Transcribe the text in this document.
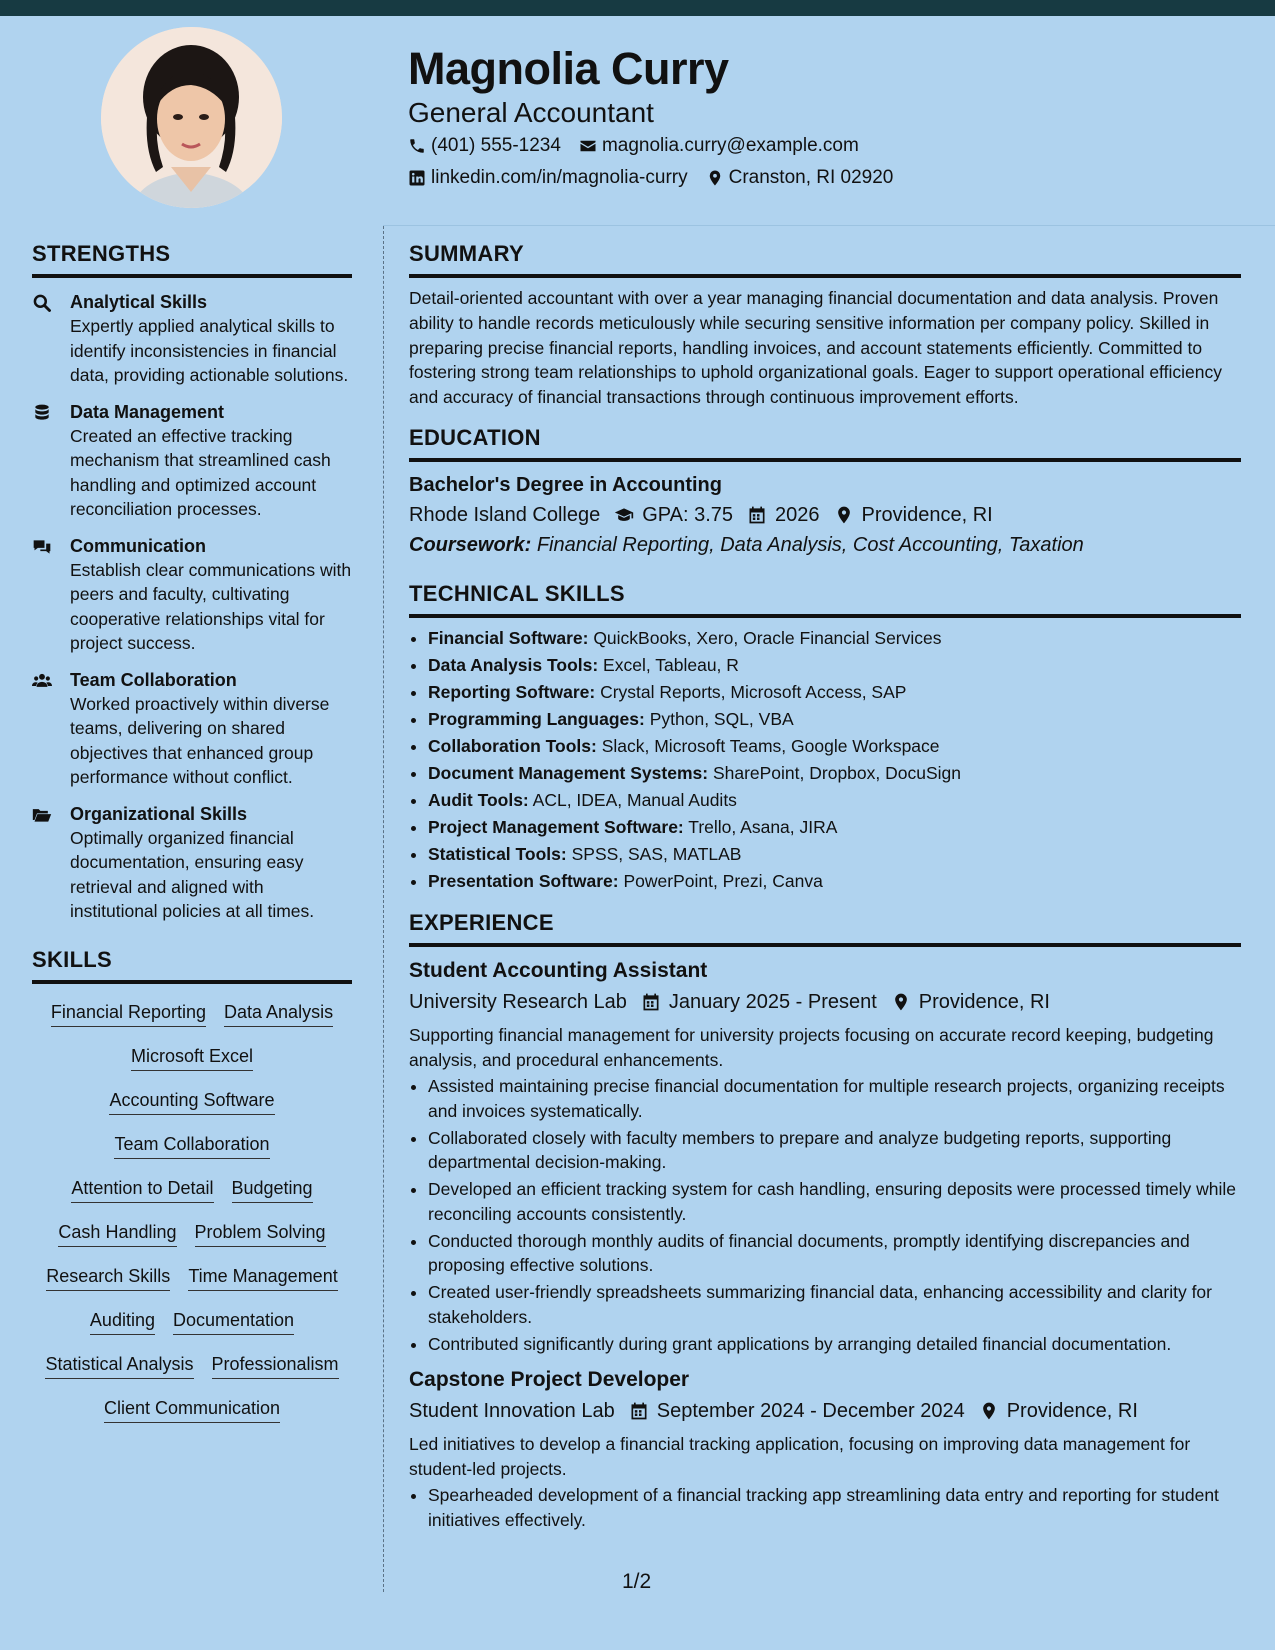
Magnolia Curry
General Accountant
(401) 555-1234 magnolia.curry@example.com
linkedin.com/in/magnolia-curry Cranston, RI 02920
STRENGTHS
Analytical Skills
Expertly applied analytical skills to identify inconsistencies in financial data, providing actionable solutions.
Data Management
Created an effective tracking mechanism that streamlined cash handling and optimized account reconciliation processes.
Communication
Establish clear communications with peers and faculty, cultivating cooperative relationships vital for project success.
Team Collaboration
Worked proactively within diverse teams, delivering on shared objectives that enhanced group performance without conflict.
Organizational Skills
Optimally organized financial documentation, ensuring easy retrieval and aligned with institutional policies at all times.
SKILLS
Financial Reporting Data Analysis
Microsoft Excel
Accounting Software
Team Collaboration
Attention to Detail Budgeting
Cash Handling Problem Solving
Research Skills Time Management
Auditing Documentation
Statistical Analysis Professionalism
Client Communication
SUMMARY
Detail-oriented accountant with over a year managing financial documentation and data analysis. Proven ability to handle records meticulously while securing sensitive information per company policy. Skilled in preparing precise financial reports, handling invoices, and account statements efficiently. Committed to fostering strong team relationships to uphold organizational goals. Eager to support operational efficiency and accuracy of financial transactions through continuous improvement efforts.
EDUCATION
Bachelor's Degree in Accounting
Rhode Island College GPA: 3.75 2026 Providence, RI
Coursework: Financial Reporting, Data Analysis, Cost Accounting, Taxation
TECHNICAL SKILLS
• Financial Software: QuickBooks, Xero, Oracle Financial Services
• Data Analysis Tools: Excel, Tableau, R
• Reporting Software: Crystal Reports, Microsoft Access, SAP
• Programming Languages: Python, SQL, VBA
• Collaboration Tools: Slack, Microsoft Teams, Google Workspace
• Document Management Systems: SharePoint, Dropbox, DocuSign
• Audit Tools: ACL, IDEA, Manual Audits
• Project Management Software: Trello, Asana, JIRA
• Statistical Tools: SPSS, SAS, MATLAB
• Presentation Software: PowerPoint, Prezi, Canva
EXPERIENCE
Student Accounting Assistant
University Research Lab January 2025 - Present Providence, RI
Supporting financial management for university projects focusing on accurate record keeping, budgeting analysis, and procedural enhancements.
• Assisted maintaining precise financial documentation for multiple research projects, organizing receipts and invoices systematically.
• Collaborated closely with faculty members to prepare and analyze budgeting reports, supporting departmental decision-making.
• Developed an efficient tracking system for cash handling, ensuring deposits were processed timely while reconciling accounts consistently.
• Conducted thorough monthly audits of financial documents, promptly identifying discrepancies and proposing effective solutions.
• Created user-friendly spreadsheets summarizing financial data, enhancing accessibility and clarity for stakeholders.
• Contributed significantly during grant applications by arranging detailed financial documentation.
Capstone Project Developer
Student Innovation Lab September 2024 - December 2024 Providence, RI
Led initiatives to develop a financial tracking application, focusing on improving data management for student-led projects.
• Spearheaded development of a financial tracking app streamlining data entry and reporting for student initiatives effectively.
1/2
